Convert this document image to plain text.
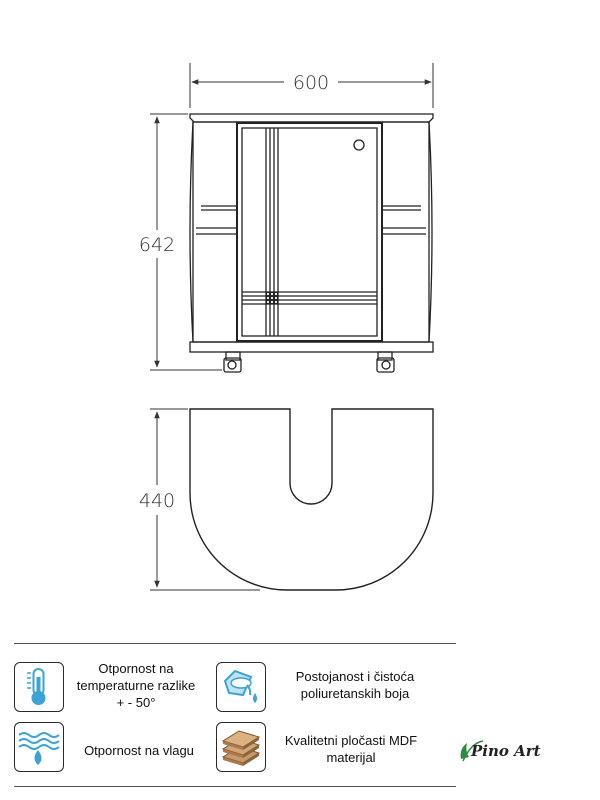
600
642
440
Otpornost na temperaturne razlike + - 50°
Postojanost i čistoća poliuretanskih boja
Otpornost na vlagu
Kvalitetni pločasti MDF materijal	Pino Art
